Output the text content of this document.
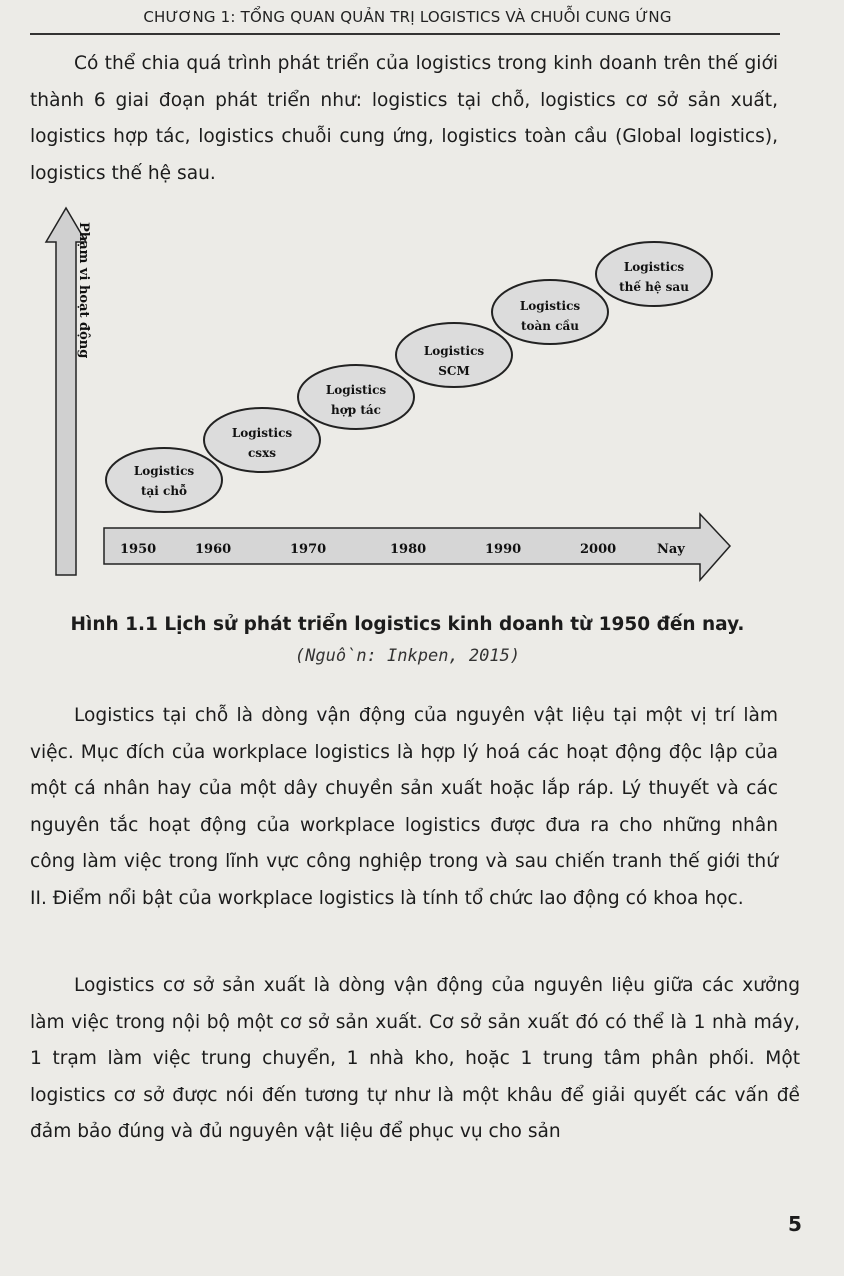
CHƯƠNG 1: TỔNG QUAN QUẢN TRỊ LOGISTICS VÀ CHUỖI CUNG ỨNG

Có thể chia quá trình phát triển của logistics trong kinh doanh trên thế giới thành 6 giai đoạn phát triển như: logistics tại chỗ, logistics cơ sở sản xuất, logistics hợp tác, logistics chuỗi cung ứng, logistics toàn cầu (Global logistics), logistics thế hệ sau.

Phạm vi hoạt động
1950	1960	1970	1980	1990	2000	Nay
Logistics
tại chỗ
Logistics
csxs
Logistics
hợp tác
Logistics
SCM
Logistics
toàn cầu
Logistics
thế hệ sau
Hình 1.1 Lịch sử phát triển logistics kinh doanh từ 1950 đến nay.
(Nguồn: Inkpen, 2015)

Logistics tại chỗ là dòng vận động của nguyên vật liệu tại một vị trí làm việc. Mục đích của workplace logistics là hợp lý hoá các hoạt động độc lập của một cá nhân hay của một dây chuyền sản xuất hoặc lắp ráp. Lý thuyết và các nguyên tắc hoạt động của workplace logistics được đưa ra cho những nhân công làm việc trong lĩnh vực công nghiệp trong và sau chiến tranh thế giới thứ II. Điểm nổi bật của workplace logistics là tính tổ chức lao động có khoa học.

Logistics cơ sở sản xuất là dòng vận động của nguyên liệu giữa các xưởng làm việc trong nội bộ một cơ sở sản xuất. Cơ sở sản xuất đó có thể là 1 nhà máy, 1 trạm làm việc trung chuyển, 1 nhà kho, hoặc 1 trung tâm phân phối. Một logistics cơ sở được nói đến tương tự như là một khâu để giải quyết các vấn đề đảm bảo đúng và đủ nguyên vật liệu để phục vụ cho sản

5
